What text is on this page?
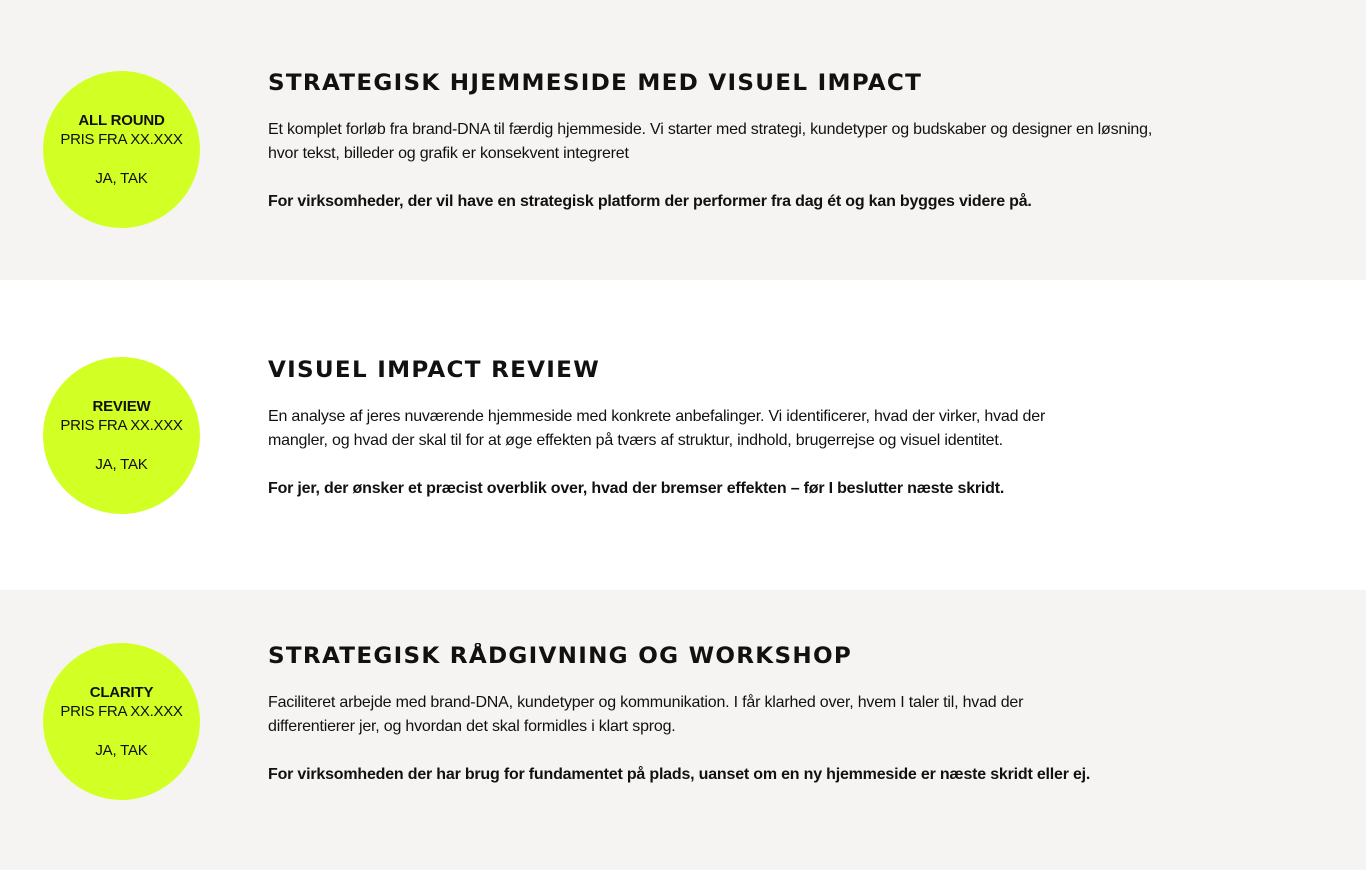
ALL ROUND
PRIS FRA XX.XXX
JA, TAK
STRATEGISK HJEMMESIDE MED VISUEL IMPACT

Et komplet forløb fra brand-DNA til færdig hjemmeside. Vi starter med strategi, kundetyper og budskaber og designer en løsning, hvor tekst, billeder og grafik er konsekvent integreret

For virksomheder, der vil have en strategisk platform der performer fra dag ét og kan bygges videre på.

REVIEW
PRIS FRA XX.XXX
JA, TAK
VISUEL IMPACT REVIEW

En analyse af jeres nuværende hjemmeside med konkrete anbefalinger. Vi identificerer, hvad der virker, hvad der mangler, og hvad der skal til for at øge effekten på tværs af struktur, indhold, brugerrejse og visuel identitet.

For jer, der ønsker et præcist overblik over, hvad der bremser effekten – før I beslutter næste skridt.

CLARITY
PRIS FRA XX.XXX
JA, TAK
STRATEGISK RÅDGIVNING OG WORKSHOP

Faciliteret arbejde med brand-DNA, kundetyper og kommunikation. I får klarhed over, hvem I taler til, hvad der differentierer jer, og hvordan det skal formidles i klart sprog.

For virksomheden der har brug for fundamentet på plads, uanset om en ny hjemmeside er næste skridt eller ej.
